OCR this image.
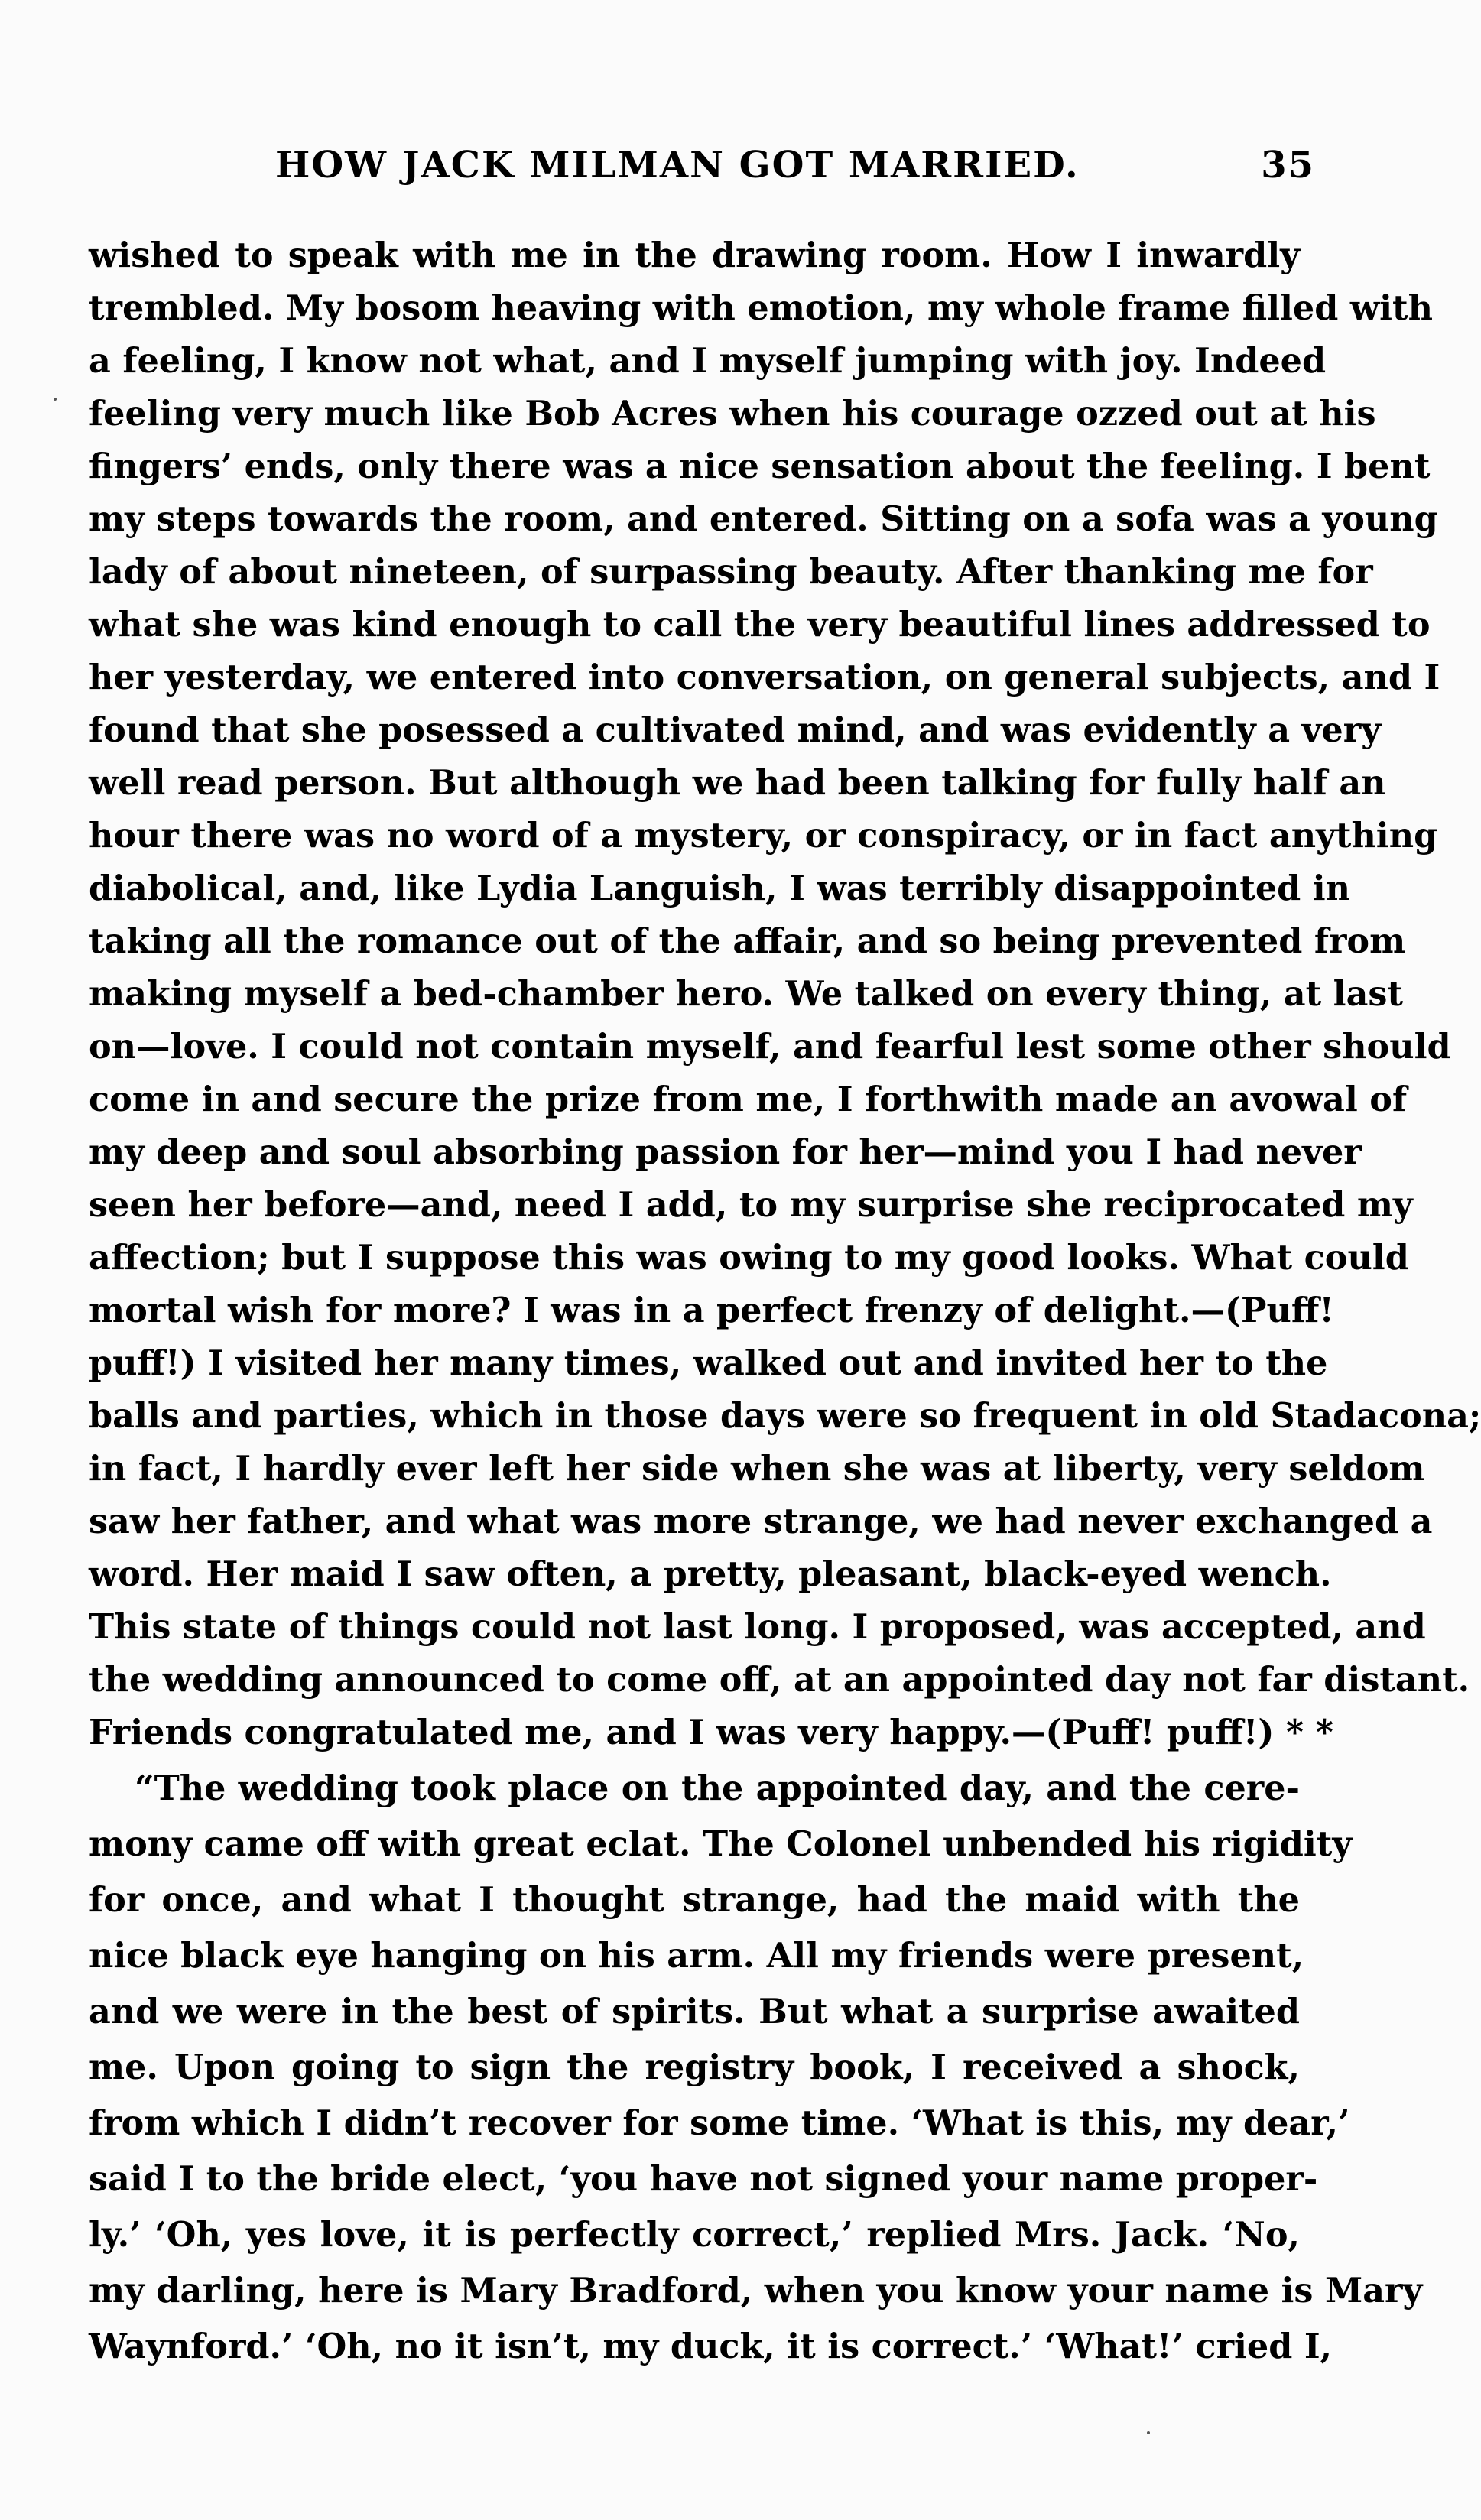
HOW JACK MILMAN GOT MARRIED.	35
wished to speak with me in the drawing room. How I inwardly
trembled. My bosom heaving with emotion, my whole frame filled with
a feeling, I know not what, and I myself jumping with joy. Indeed
feeling very much like Bob Acres when his courage ozzed out at his
fingers’ ends, only there was a nice sensation about the feeling. I bent
my steps towards the room, and entered. Sitting on a sofa was a young
lady of about nineteen, of surpassing beauty. After thanking me for
what she was kind enough to call the very beautiful lines addressed to
her yesterday, we entered into conversation, on general subjects, and I
found that she posessed a cultivated mind, and was evidently a very
well read person. But although we had been talking for fully half an
hour there was no word of a mystery, or conspiracy, or in fact anything
diabolical, and, like Lydia Languish, I was terribly disappointed in
taking all the romance out of the affair, and so being prevented from
making myself a bed-chamber hero. We talked on every thing, at last
on—love. I could not contain myself, and fearful lest some other should
come in and secure the prize from me, I forthwith made an avowal of
my deep and soul absorbing passion for her—mind you I had never
seen her before—and, need I add, to my surprise she reciprocated my
affection; but I suppose this was owing to my good looks. What could
mortal wish for more? I was in a perfect frenzy of delight.—(Puff!
puff!) I visited her many times, walked out and invited her to the
balls and parties, which in those days were so frequent in old Stadacona;
in fact, I hardly ever left her side when she was at liberty, very seldom
saw her father, and what was more strange, we had never exchanged a
word. Her maid I saw often, a pretty, pleasant, black-eyed wench.
This state of things could not last long. I proposed, was accepted, and
the wedding announced to come off, at an appointed day not far distant.
Friends congratulated me, and I was very happy.—(Puff! puff!) * *
“The wedding took place on the appointed day, and the cere-
mony came off with great eclat. The Colonel unbended his rigidity
for once, and what I thought strange, had the maid with the
nice black eye hanging on his arm. All my friends were present,
and we were in the best of spirits. But what a surprise awaited
me. Upon going to sign the registry book, I received a shock,
from which I didn’t recover for some time. ‘What is this, my dear,’
said I to the bride elect, ‘you have not signed your name proper-
ly.’ ‘Oh, yes love, it is perfectly correct,’ replied Mrs. Jack. ‘No,
my darling, here is Mary Bradford, when you know your name is Mary
Waynford.’ ‘Oh, no it isn’t, my duck, it is correct.’ ‘What!’ cried I,
